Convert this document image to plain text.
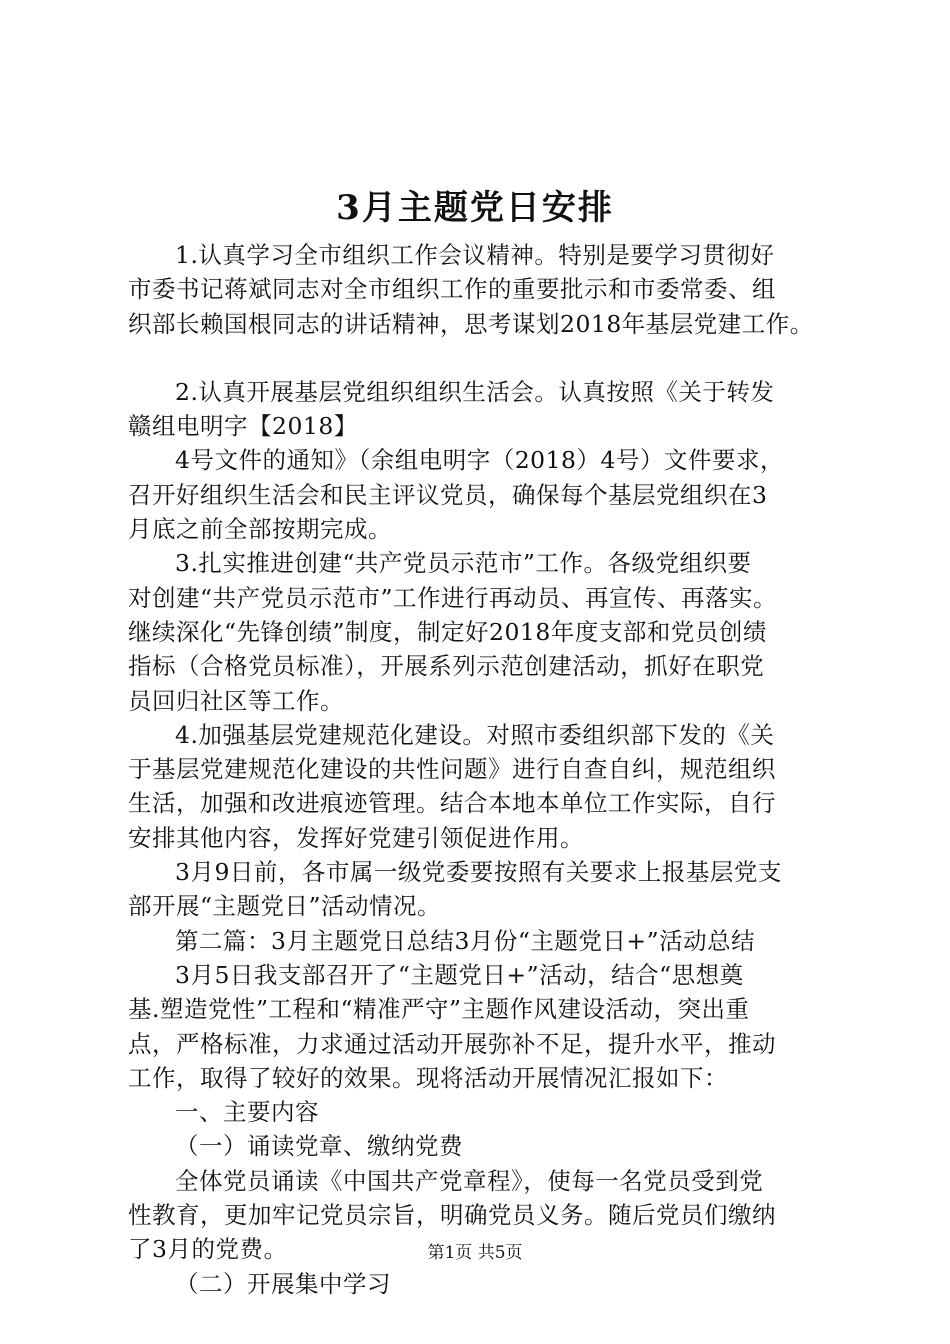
3月主题党日安排

1.认真学习全市组织工作会议精神。特别是要学习贯彻好
市委书记蒋斌同志对全市组织工作的重要批示和市委常委、组
织部长赖国根同志的讲话精神，思考谋划2018年基层党建工作。

2.认真开展基层党组织组织生活会。认真按照《关于转发
赣组电明字【2018】

4号文件的通知》（余组电明字（2018）4号）文件要求，
召开好组织生活会和民主评议党员，确保每个基层党组织在3
月底之前全部按期完成。

3.扎实推进创建“共产党员示范市”工作。各级党组织要
对创建“共产党员示范市”工作进行再动员、再宣传、再落实。
继续深化“先锋创绩”制度，制定好2018年度支部和党员创绩
指标（合格党员标准），开展系列示范创建活动，抓好在职党
员回归社区等工作。

4.加强基层党建规范化建设。对照市委组织部下发的《关
于基层党建规范化建设的共性问题》进行自查自纠，规范组织
生活，加强和改进痕迹管理。结合本地本单位工作实际，自行
安排其他内容，发挥好党建引领促进作用。

3月9日前，各市属一级党委要按照有关要求上报基层党支
部开展“主题党日”活动情况。

第二篇：3月主题党日总结3月份“主题党日+”活动总结

3月5日我支部召开了“主题党日+”活动，结合“思想奠
基.塑造党性”工程和“精准严守”主题作风建设活动，突出重
点，严格标准，力求通过活动开展弥补不足，提升水平，推动
工作，取得了较好的效果。现将活动开展情况汇报如下：

一、主要内容

（一）诵读党章、缴纳党费

全体党员诵读《中国共产党章程》，使每一名党员受到党
性教育，更加牢记党员宗旨，明确党员义务。随后党员们缴纳
了3月的党费。

（二）开展集中学习

第1页 共5页
